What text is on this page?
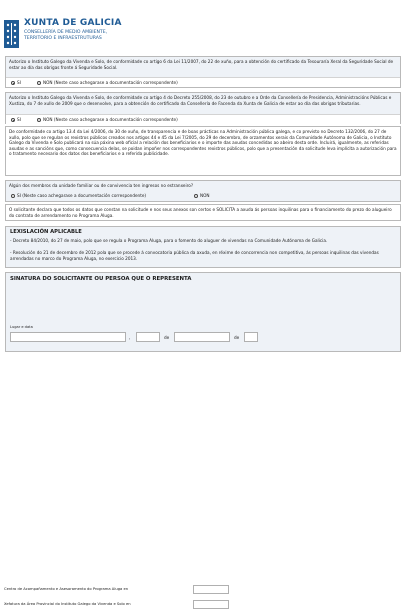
XUNTA DE GALICIA
CONSELLERÍA DE MEDIO AMBIENTE,
TERRITORIO E INFRAESTRUTURAS
Autorizo o Instituto Galego da Vivenda e Solo, de conformidade co artigo 6 da Lei 11/2007, do 22 de xuño, para a obtención do certificado da Tesouraría Xeral da Seguridade Social de estar ao día das obrigas fronte á Seguridade Social.
SI	NON (Neste caso achegarase a documentación correspondente)
Autorizo o Instituto Galego da Vivenda e Solo, de conformidade co artigo 4 do Decreto 255/2008, do 23 de outubro e a Orde da Consellería de Presidencia, Administracións Públicas e Xustiza, do 7 de xullo de 2009 que o desenvolve, para a obtención do certificado da Consellería de Facenda da Xunta de Galicia de estar ao día das obrigas tributarias.
SI	NON (Neste caso achegarase a documentación correspondente)
De conformidade co artigo 13.4 da Lei 4/2006, do 30 de xuño, de transparencia e de boas prácticas na Administración pública galega, e co previsto no Decreto 132/2006, do 27 de xullo, polo que se regulan os rexistros públicos creados nos artigos 44 e 45 da Lei 7/2005, do 29 de decembro, de orzamentos xerais da Comunidade Autónoma de Galicia, o Instituto Galego da Vivenda e Solo publicará na súa páxina web oficial a relación dos beneficiarios e o importe das axudas concedidas ao abeiro desta orde. Incluirá, igualmente, as referidas axudas e as sancións que, como consecuencia delas, se poidan impoñer nos correspondentes rexistros públicos, polo que a presentación da solicitude leva implícita a autorización para o tratamento necesario dos datos dos beneficiarios e a referida publicidade.
Algún dos membros da unidade familiar ou de convivencia ten ingresos no estranxeiro?
SI (Neste caso achegarase a documentación correspondente)	NON
O solicitante declara que todos os datos que constan na solicitude e nos seus anexos son certos e SOLICITA a axuda ás persoas inquilinas para o financiamento do prezo do alugueiro do contrato de arrendamento no Programa Aluga.
LEXISLACIÓN APLICABLE
- Decreto 84/2010, do 27 de maio, polo que se regula o Programa Aluga, para o fomento do aluguer de vivendas na Comunidade Autónoma de Galicia.
- Resolución do 21 de decembro de 2012 pola que se procede á convocatoria pública da axuda, en réxime de concorrencia non competitiva, ás persoas inquilinas das vivendas arrendadas no marco do Programa Aluga, no exercicio 2013.
SINATURA DO SOLICITANTE OU PERSOA QUE O REPRESENTA
Lugar e data
,	de	de
Centro de Acompañamento e Asesoramento do Programa Aluga en
Xefatura da Área Provincial do Instituto Galego da Vivenda e Solo en
